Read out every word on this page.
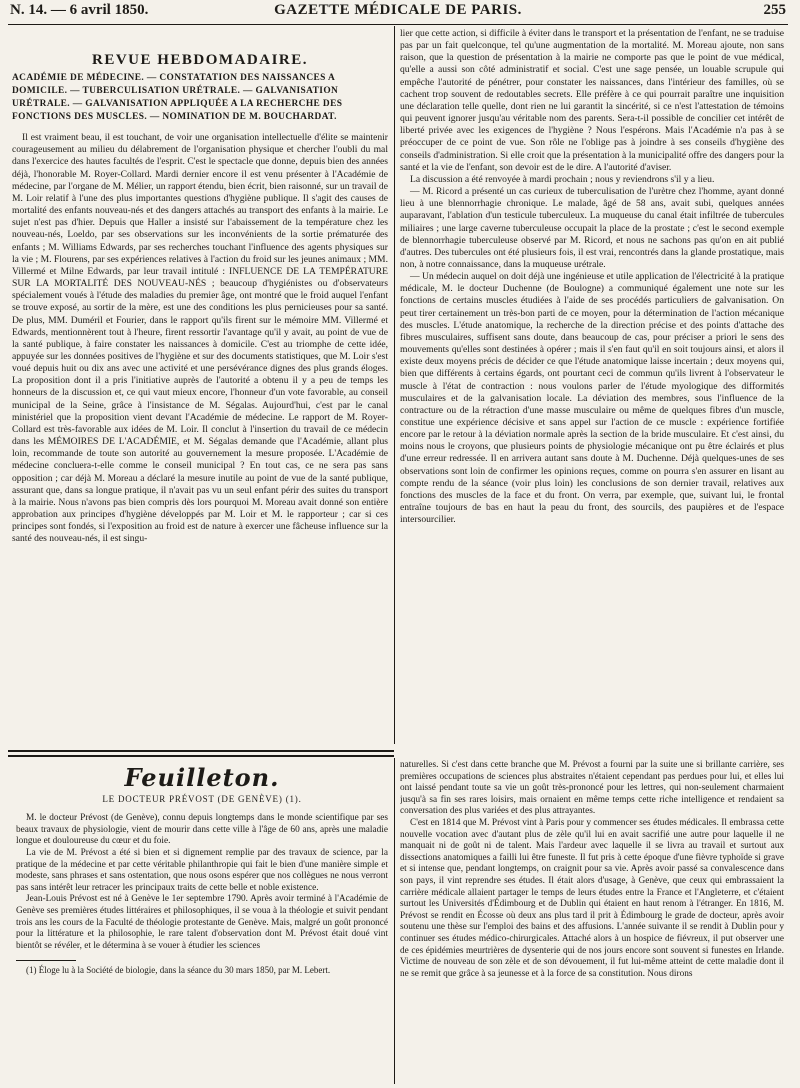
N. 14. — 6 avril 1850.	GAZETTE MÉDICALE DE PARIS.	255
REVUE HEBDOMADAIRE.
ACADÉMIE DE MÉDECINE. — CONSTATATION DES NAISSANCES A DOMICILE. — TUBERCULISATION URÉTRALE. — GALVANISATION URÉTRALE. — GALVANISATION APPLIQUÉE A LA RECHERCHE DES FONCTIONS DES MUSCLES. — NOMINATION DE M. BOUCHARDAT.

Il est vraiment beau, il est touchant, de voir une organisation intellectuelle d'élite se maintenir courageusement au milieu du délabrement de l'organisation physique et chercher l'oubli du mal dans l'exercice des hautes facultés de l'esprit. C'est le spectacle que donne, depuis bien des années déjà, l'honorable M. Royer-Collard. Mardi dernier encore il est venu présenter à l'Académie de médecine, par l'organe de M. Mélier, un rapport étendu, bien écrit, bien raisonné, sur un travail de M. Loir relatif à l'une des plus importantes questions d'hygiène publique. Il s'agit des causes de mortalité des enfants nouveau-nés et des dangers attachés au transport des enfants à la mairie. Le sujet n'est pas d'hier. Depuis que Haller a insisté sur l'abaissement de la température chez les nouveau-nés, Loeldo, par ses observations sur les inconvénients de la sortie prématurée des enfants ; M. Williams Edwards, par ses recherches touchant l'influence des agents physiques sur la vie ; M. Flourens, par ses expériences relatives à l'action du froid sur les jeunes animaux ; MM. Villermé et Milne Edwards, par leur travail intitulé : INFLUENCE DE LA TEMPÉRATURE SUR LA MORTALITÉ DES NOUVEAU-NÉS ; beaucoup d'hygiénistes ou d'observateurs spécialement voués à l'étude des maladies du premier âge, ont montré que le froid auquel l'enfant se trouve exposé, au sortir de la mère, est une des conditions les plus pernicieuses pour sa santé. De plus, MM. Duméril et Fourier, dans le rapport qu'ils firent sur le mémoire MM. Villermé et Edwards, mentionnèrent tout à l'heure, firent ressortir l'avantage qu'il y avait, au point de vue de la santé publique, à faire constater les naissances à domicile. C'est au triomphe de cette idée, appuyée sur les données positives de l'hygiène et sur des documents statistiques, que M. Loir s'est voué depuis huit ou dix ans avec une activité et une persévérance dignes des plus grands éloges. La proposition dont il a pris l'initiative auprès de l'autorité a obtenu il y a peu de temps les honneurs de la discussion et, ce qui vaut mieux encore, l'honneur d'un vote favorable, au conseil municipal de la Seine, grâce à l'insistance de M. Ségalas. Aujourd'hui, c'est par le canal ministériel que la proposition vient devant l'Académie de médecine. Le rapport de M. Royer-Collard est très-favorable aux idées de M. Loir. Il conclut à l'insertion du travail de ce médecin dans les MÉMOIRES DE L'ACADÉMIE, et M. Ségalas demande que l'Académie, allant plus loin, recommande de toute son autorité au gouvernement la mesure proposée. L'Académie de médecine concluera-t-elle comme le conseil municipal ? En tout cas, ce ne sera pas sans opposition ; car déjà M. Moreau a déclaré la mesure inutile au point de vue de la santé publique, assurant que, dans sa longue pratique, il n'avait pas vu un seul enfant périr des suites du transport à la mairie. Nous n'avons pas bien compris dès lors pourquoi M. Moreau avait donné son entière approbation aux principes d'hygiène développés par M. Loir et M. le rapporteur ; car si ces principes sont fondés, si l'exposition au froid est de nature à exercer une fâcheuse influence sur la santé des nouveau-nés, il est singu-

lier que cette action, si difficile à éviter dans le transport et la présentation de l'enfant, ne se traduise pas par un fait quelconque, tel qu'une augmentation de la mortalité. M. Moreau ajoute, non sans raison, que la question de présentation à la mairie ne comporte pas que le point de vue médical, qu'elle a aussi son côté administratif et social. C'est une sage pensée, un louable scrupule qui empêche l'autorité de pénétrer, pour constater les naissances, dans l'intérieur des familles, où se cachent trop souvent de redoutables secrets. Elle préfère à ce qui pourrait paraître une inquisition une déclaration telle quelle, dont rien ne lui garantit la sincérité, si ce n'est l'attestation de témoins qui peuvent ignorer jusqu'au véritable nom des parents. Sera-t-il possible de concilier cet intérêt de liberté privée avec les exigences de l'hygiène ? Nous l'espérons. Mais l'Académie n'a pas à se préoccuper de ce point de vue. Son rôle ne l'oblige pas à joindre à ses conseils d'hygiène des conseils d'administration. Si elle croit que la présentation à la municipalité offre des dangers pour la santé et la vie de l'enfant, son devoir est de le dire. A l'autorité d'aviser.

La discussion a été renvoyée à mardi prochain ; nous y reviendrons s'il y a lieu.

— M. Ricord a présenté un cas curieux de tuberculisation de l'urètre chez l'homme, ayant donné lieu à une blennorrhagie chronique. Le malade, âgé de 58 ans, avait subi, quelques années auparavant, l'ablation d'un testicule tuberculeux. La muqueuse du canal était infiltrée de tubercules miliaires ; une large caverne tuberculeuse occupait la place de la prostate ; c'est le second exemple de blennorrhagie tuberculeuse observé par M. Ricord, et nous ne sachons pas qu'on en ait publié d'autres. Des tubercules ont été plusieurs fois, il est vrai, rencontrés dans la glande prostatique, mais non, à notre connaissance, dans la muqueuse urétrale.

— Un médecin auquel on doit déjà une ingénieuse et utile application de l'électricité à la pratique médicale, M. le docteur Duchenne (de Boulogne) a communiqué également une note sur les fonctions de certains muscles étudiées à l'aide de ses procédés particuliers de galvanisation. On peut tirer certainement un très-bon parti de ce moyen, pour la détermination de l'action mécanique des muscles. L'étude anatomique, la recherche de la direction précise et des points d'attache des fibres musculaires, suffisent sans doute, dans beaucoup de cas, pour préciser a priori le sens des mouvements qu'elles sont destinées à opérer ; mais il s'en faut qu'il en soit toujours ainsi, et alors il existe deux moyens précis de décider ce que l'étude anatomique laisse incertain ; deux moyens qui, bien que différents à certains égards, ont pourtant ceci de commun qu'ils livrent à l'observateur le muscle à l'état de contraction : nous voulons parler de l'étude myologique des difformités musculaires et de la galvanisation locale. La déviation des membres, sous l'influence de la contracture ou de la rétraction d'une masse musculaire ou même de quelques fibres d'un muscle, constitue une expérience décisive et sans appel sur l'action de ce muscle : expérience fortifiée encore par le retour à la déviation normale après la section de la bride musculaire. Et c'est ainsi, du moins nous le croyons, que plusieurs points de physiologie mécanique ont pu être éclairés et plus d'une erreur redressée. Il en arrivera autant sans doute à M. Duchenne. Déjà quelques-unes de ses observations sont loin de confirmer les opinions reçues, comme on pourra s'en assurer en lisant au compte rendu de la séance (voir plus loin) les conclusions de son dernier travail, relatives aux fonctions des muscles de la face et du front. On verra, par exemple, que, suivant lui, le frontal entraîne toujours de bas en haut la peau du front, des sourcils, des paupières et de l'espace intersourcilier.

Feuilleton.
LE DOCTEUR PRÉVOST (DE GENÈVE) (1).

M. le docteur Prévost (de Genève), connu depuis longtemps dans le monde scientifique par ses beaux travaux de physiologie, vient de mourir dans cette ville à l'âge de 60 ans, après une maladie longue et douloureuse du cœur et du foie.

La vie de M. Prévost a été si bien et si dignement remplie par des travaux de science, par la pratique de la médecine et par cette véritable philanthropie qui fait le bien d'une manière simple et modeste, sans phrases et sans ostentation, que nous osons espérer que nos collègues ne nous verront pas sans intérêt leur retracer les principaux traits de cette belle et noble existence.

Jean-Louis Prévost est né à Genève le 1er septembre 1790. Après avoir terminé à l'Académie de Genève ses premières études littéraires et philosophiques, il se voua à la théologie et suivit pendant trois ans les cours de la Faculté de théologie protestante de Genève. Mais, malgré un goût prononcé pour la littérature et la philosophie, le rare talent d'observation dont M. Prévost était doué vint bientôt se révéler, et le détermina à se vouer à étudier les sciences

(1) Éloge lu à la Société de biologie, dans la séance du 30 mars 1850, par M. Lebert.

naturelles. Si c'est dans cette branche que M. Prévost a fourni par la suite une si brillante carrière, ses premières occupations de sciences plus abstraites n'étaient cependant pas perdues pour lui, et elles lui ont laissé pendant toute sa vie un goût très-prononcé pour les lettres, qui non-seulement charmaient jusqu'à sa fin ses rares loisirs, mais ornaient en même temps cette riche intelligence et rendaient sa conversation des plus variées et des plus attrayantes.

C'est en 1814 que M. Prévost vint à Paris pour y commencer ses études médicales. Il embrassa cette nouvelle vocation avec d'autant plus de zèle qu'il lui en avait sacrifié une autre pour laquelle il ne manquait ni de goût ni de talent. Mais l'ardeur avec laquelle il se livra au travail et surtout aux dissections anatomiques a failli lui être funeste. Il fut pris à cette époque d'une fièvre typhoïde si grave et si intense que, pendant longtemps, on craignit pour sa vie. Après avoir passé sa convalescence dans son pays, il vint reprendre ses études. Il était alors d'usage, à Genève, que ceux qui embrassaient la carrière médicale allaient partager le temps de leurs études entre la France et l'Angleterre, et c'étaient surtout les Universités d'Édimbourg et de Dublin qui étaient en haut renom à l'étranger. En 1816, M. Prévost se rendit en Écosse où deux ans plus tard il prit à Édimbourg le grade de docteur, après avoir soutenu une thèse sur l'emploi des bains et des affusions. L'année suivante il se rendit à Dublin pour y continuer ses études médico-chirurgicales. Attaché alors à un hospice de fiévreux, il put observer une de ces épidémies meurtrières de dysenterie qui de nos jours encore sont souvent si funestes en Irlande. Victime de nouveau de son zèle et de son dévouement, il fut lui-même atteint de cette maladie dont il ne se remit que grâce à sa jeunesse et à la force de sa constitution. Nous dirons
